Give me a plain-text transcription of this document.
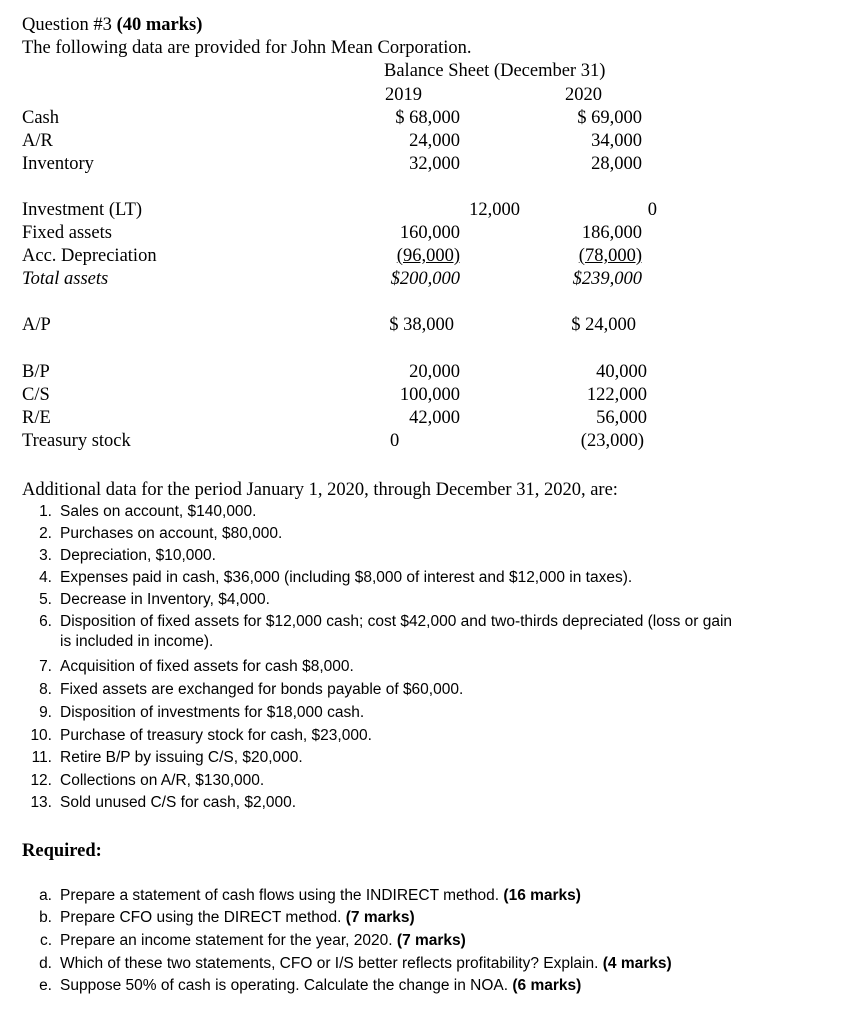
Question #3 (40 marks)
The following data are provided for John Mean Corporation.
Balance Sheet (December 31)
2019	2020
Cash	$ 68,000	$ 69,000
A/R	24,000	34,000
Inventory	32,000	28,000
Investment (LT)	12,000	0
Fixed assets	160,000	186,000
Acc. Depreciation	(96,000)	(78,000)
Total assets	$200,000	$239,000
A/P	$ 38,000	$ 24,000
B/P	20,000	40,000
C/S	100,000	122,000
R/E	42,000	56,000
Treasury stock	0	(23,000)
Additional data for the period January 1, 2020, through December 31, 2020, are:
1. Sales on account, $140,000.
2. Purchases on account, $80,000.
3. Depreciation, $10,000.
4. Expenses paid in cash, $36,000 (including $8,000 of interest and $12,000 in taxes).
5. Decrease in Inventory, $4,000.
6. Disposition of fixed assets for $12,000 cash; cost $42,000 and two-thirds depreciated (loss or gain
is included in income).
7. Acquisition of fixed assets for cash $8,000.
8. Fixed assets are exchanged for bonds payable of $60,000.
9. Disposition of investments for $18,000 cash.
10. Purchase of treasury stock for cash, $23,000.
11. Retire B/P by issuing C/S, $20,000.
12. Collections on A/R, $130,000.
13. Sold unused C/S for cash, $2,000.
Required:
a. Prepare a statement of cash flows using the INDIRECT method. (16 marks)
b. Prepare CFO using the DIRECT method. (7 marks)
c. Prepare an income statement for the year, 2020. (7 marks)
d. Which of these two statements, CFO or I/S better reflects profitability? Explain. (4 marks)
e. Suppose 50% of cash is operating. Calculate the change in NOA. (6 marks)
